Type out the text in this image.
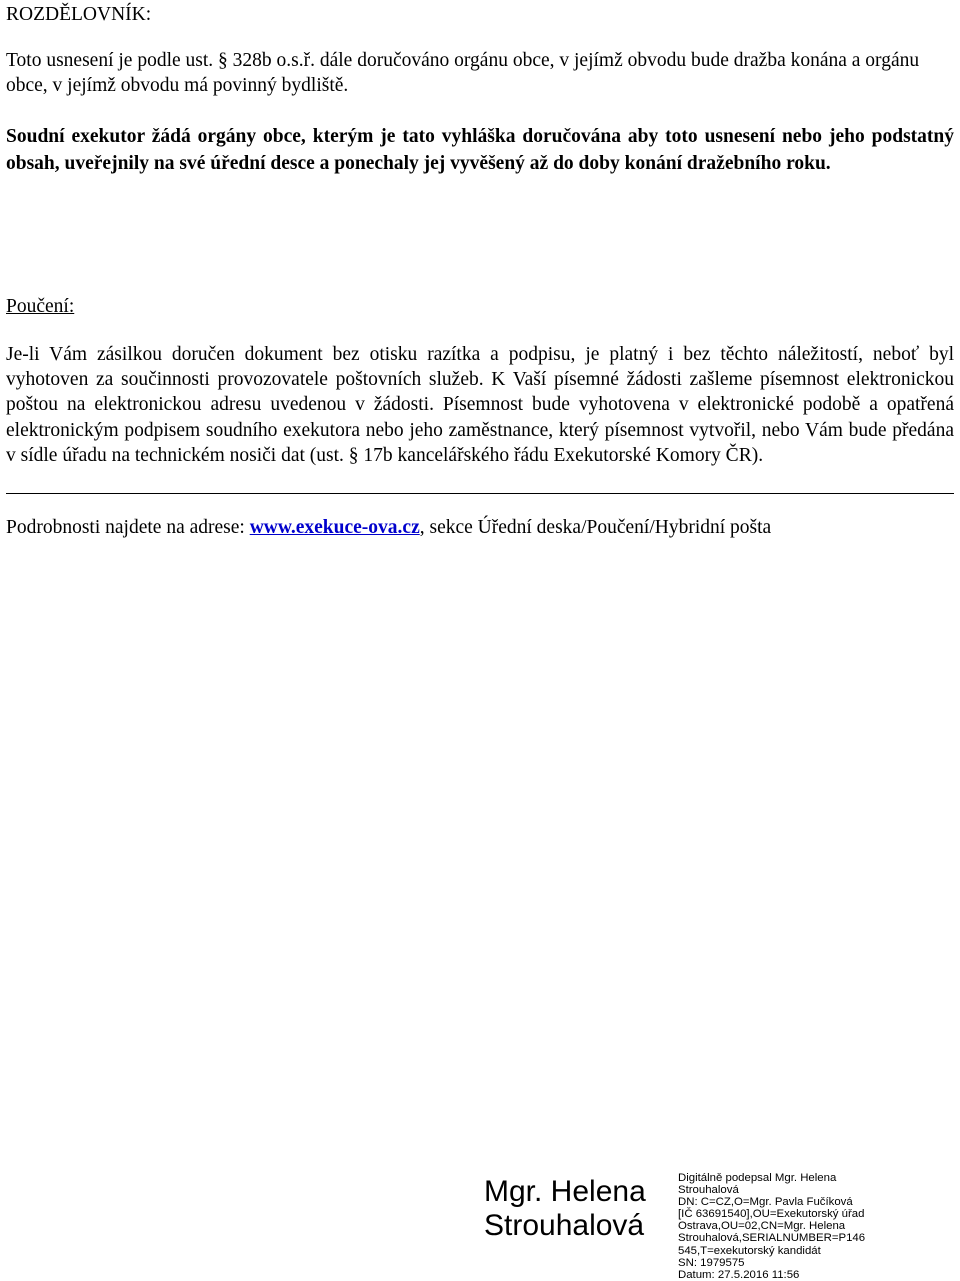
ROZDĚLOVNÍK:
Toto usnesení je podle ust. § 328b o.s.ř. dále doručováno orgánu obce, v jejímž obvodu bude dražba konána a orgánu obce, v jejímž obvodu má povinný bydliště.
Soudní exekutor žádá orgány obce, kterým je tato vyhláška doručována aby toto usnesení nebo jeho podstatný obsah, uveřejnily na své úřední desce a ponechaly jej vyvěšený až do doby konání dražebního roku.
Poučení:
Je-li Vám zásilkou doručen dokument bez otisku razítka a podpisu, je platný i bez těchto náležitostí, neboť byl vyhotoven za součinnosti provozovatele poštovních služeb. K Vaší písemné žádosti zašleme písemnost elektronickou poštou na elektronickou adresu uvedenou v žádosti. Písemnost bude vyhotovena v elektronické podobě a opatřená elektronickým podpisem soudního exekutora nebo jeho zaměstnance, který písemnost vytvořil, nebo Vám bude předána v sídle úřadu na technickém nosiči dat (ust. § 17b kancelářského řádu Exekutorské Komory ČR).
Podrobnosti najdete na adrese: www.exekuce-ova.cz, sekce Úřední deska/Poučení/Hybridní pošta
Mgr. Helena
Strouhalová
Digitálně podepsal Mgr. Helena
Strouhalová
DN: C=CZ,O=Mgr. Pavla Fučíková
[IČ 63691540],OU=Exekutorský úřad
Ostrava,OU=02,CN=Mgr. Helena
Strouhalová,SERIALNUMBER=P146
545,T=exekutorský kandidát
SN: 1979575
Datum: 27.5.2016 11:56
